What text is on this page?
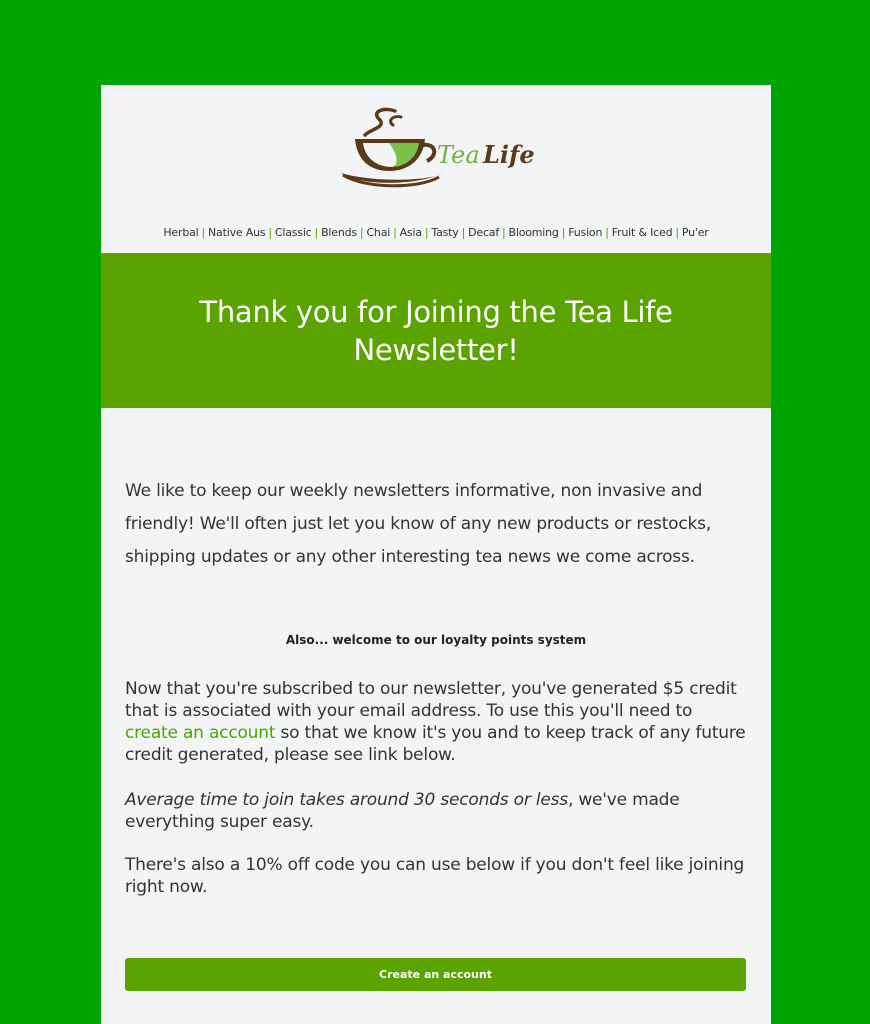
Tea Life
Herbal | Native Aus | Classic | Blends | Chai | Asia | Tasty | Decaf | Blooming | Fusion | Fruit & Iced | Pu'er
Thank you for Joining the Tea Life Newsletter!

We like to keep our weekly newsletters informative, non invasive and friendly! We'll often just let you know of any new products or restocks, shipping updates or any other interesting tea news we come across.

Also... welcome to our loyalty points system

Now that you're subscribed to our newsletter, you've generated $5 credit that is associated with your email address. To use this you'll need to create an account so that we know it's you and to keep track of any future credit generated, please see link below.

Average time to join takes around 30 seconds or less, we've made everything super easy.

There's also a 10% off code you can use below if you don't feel like joining right now.

Create an account
